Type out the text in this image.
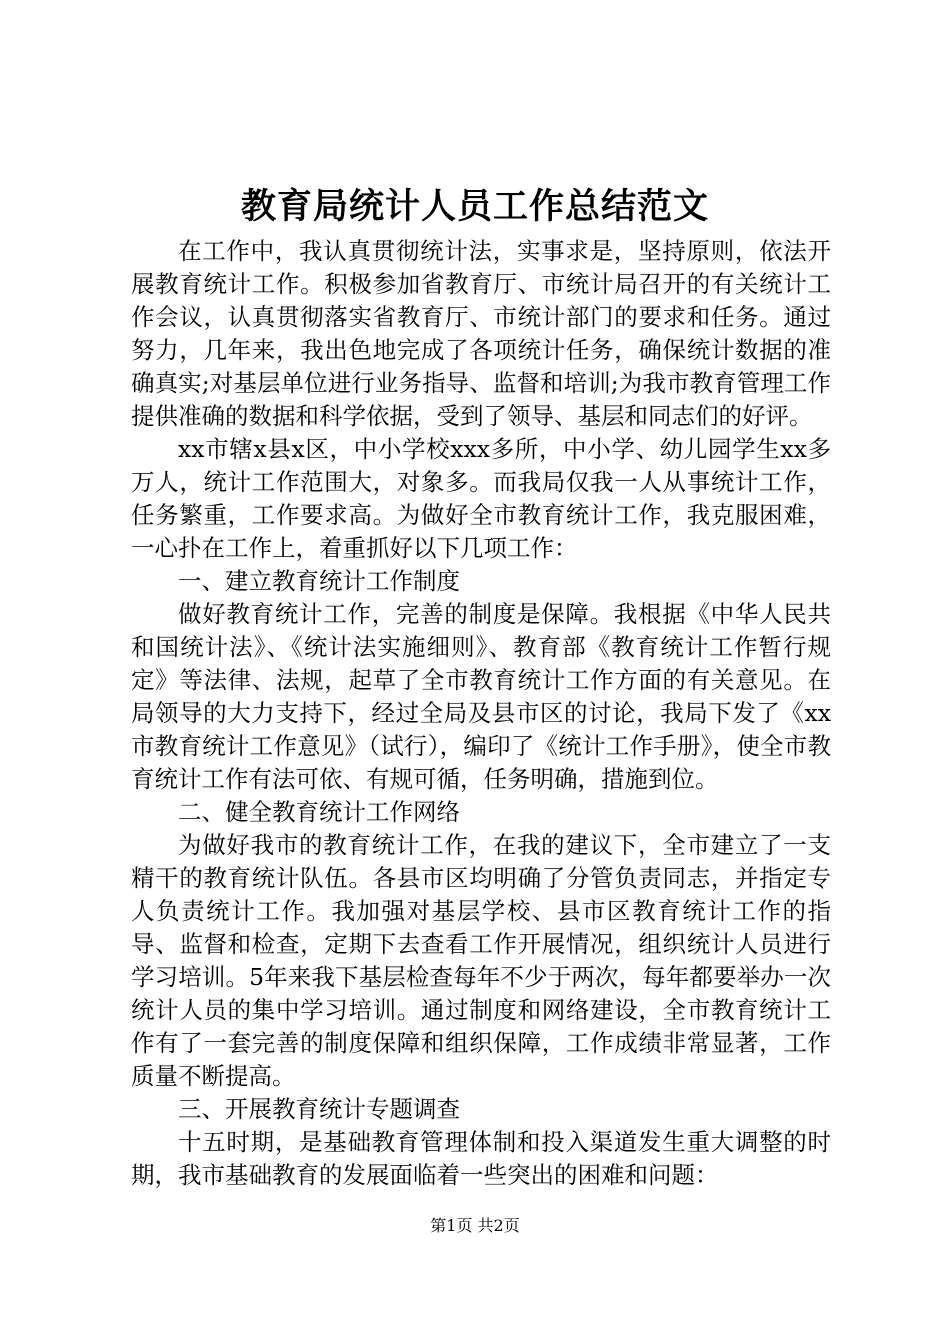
教育局统计人员工作总结范文

在工作中，我认真贯彻统计法，实事求是，坚持原则，依法开展教育统计工作。积极参加省教育厅、市统计局召开的有关统计工作会议，认真贯彻落实省教育厅、市统计部门的要求和任务。通过努力，几年来，我出色地完成了各项统计任务，确保统计数据的准确真实;对基层单位进行业务指导、监督和培训;为我市教育管理工作提供准确的数据和科学依据，受到了领导、基层和同志们的好评。

xx市辖x县x区，中小学校xxx多所，中小学、幼儿园学生xx多万人，统计工作范围大，对象多。而我局仅我一人从事统计工作，任务繁重，工作要求高。为做好全市教育统计工作，我克服困难，一心扑在工作上，着重抓好以下几项工作：

一、建立教育统计工作制度

做好教育统计工作，完善的制度是保障。我根据《中华人民共和国统计法》、《统计法实施细则》、教育部《教育统计工作暂行规定》等法律、法规，起草了全市教育统计工作方面的有关意见。在局领导的大力支持下，经过全局及县市区的讨论，我局下发了《xx市教育统计工作意见》（试行），编印了《统计工作手册》，使全市教育统计工作有法可依、有规可循，任务明确，措施到位。

二、健全教育统计工作网络

为做好我市的教育统计工作，在我的建议下，全市建立了一支精干的教育统计队伍。各县市区均明确了分管负责同志，并指定专人负责统计工作。我加强对基层学校、县市区教育统计工作的指导、监督和检查，定期下去查看工作开展情况，组织统计人员进行学习培训。5年来我下基层检查每年不少于两次，每年都要举办一次统计人员的集中学习培训。通过制度和网络建设，全市教育统计工作有了一套完善的制度保障和组织保障，工作成绩非常显著，工作质量不断提高。

三、开展教育统计专题调查

十五时期，是基础教育管理体制和投入渠道发生重大调整的时期，我市基础教育的发展面临着一些突出的困难和问题：

第1页 共2页
